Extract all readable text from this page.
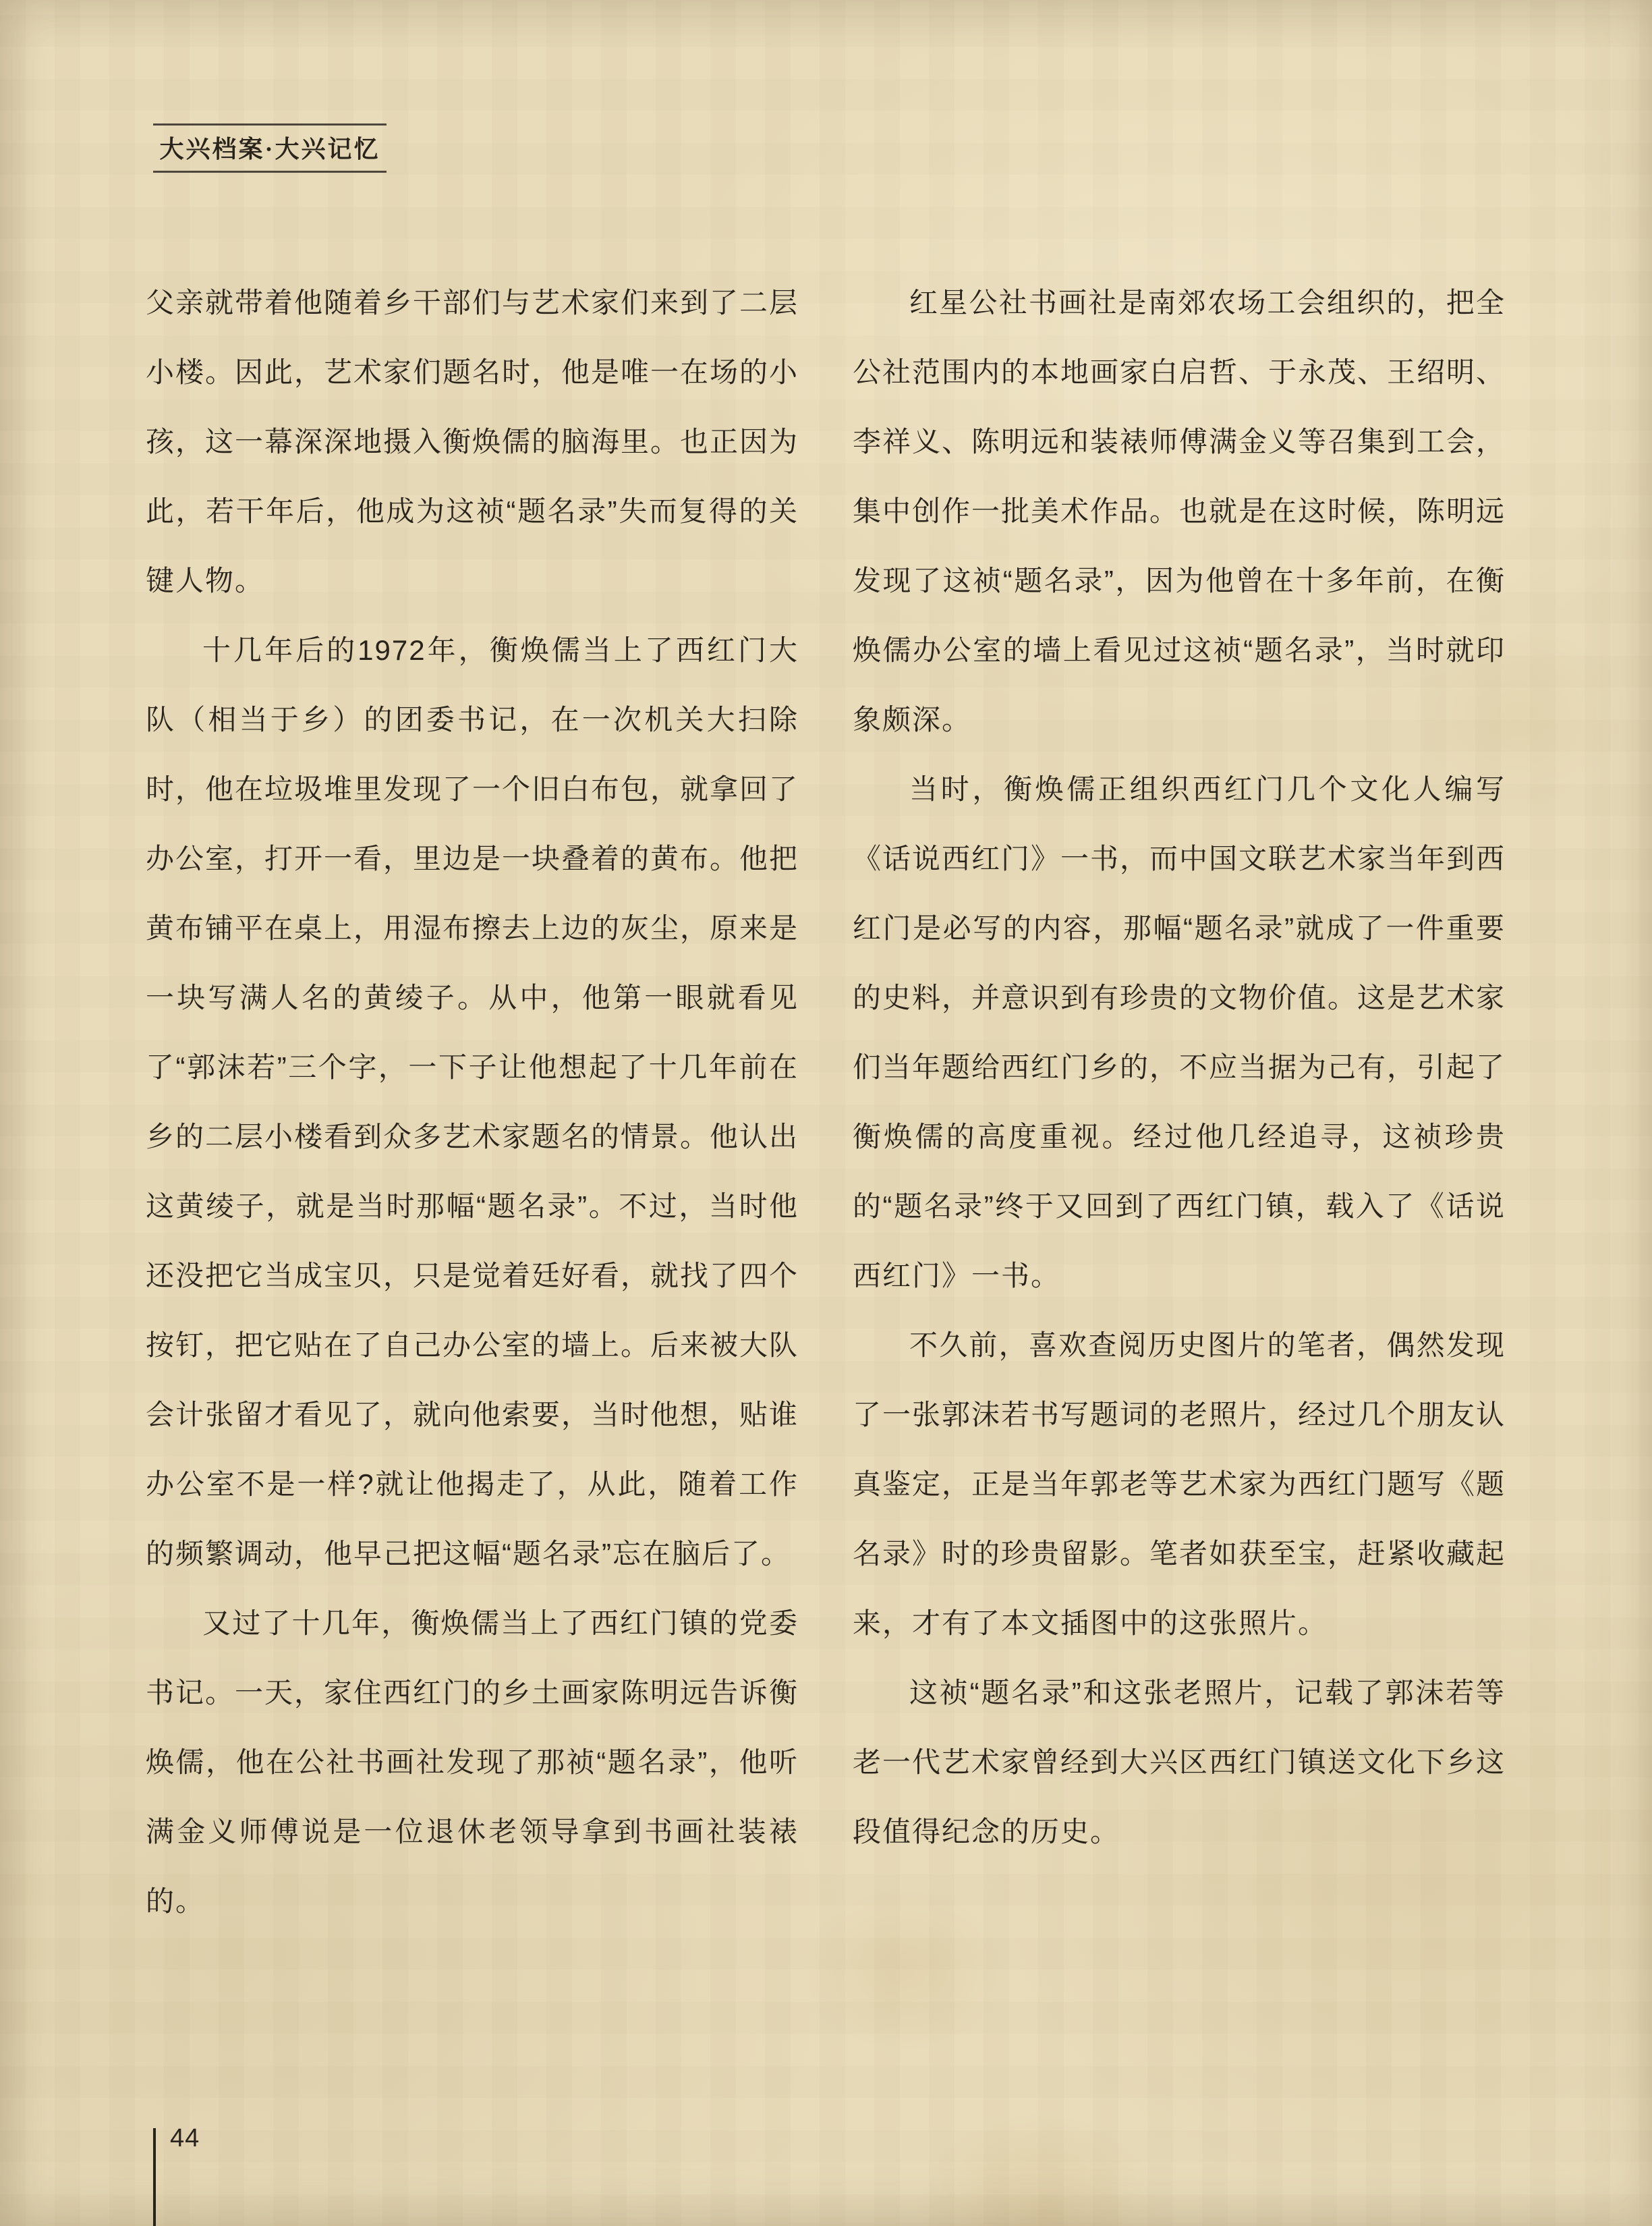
大兴档案·大兴记忆

父亲就带着他随着乡干部们与艺术家们来到了二层小楼。因此，艺术家们题名时，他是唯一在场的小孩，这一幕深深地摄入衡焕儒的脑海里。也正因为此，若干年后，他成为这祯“题名录”失而复得的关键人物。

十几年后的1972年，衡焕儒当上了西红门大队（相当于乡）的团委书记，在一次机关大扫除时，他在垃圾堆里发现了一个旧白布包，就拿回了办公室，打开一看，里边是一块叠着的黄布。他把黄布铺平在桌上，用湿布擦去上边的灰尘，原来是一块写满人名的黄绫子。从中，他第一眼就看见了“郭沫若”三个字，一下子让他想起了十几年前在乡的二层小楼看到众多艺术家题名的情景。他认出这黄绫子，就是当时那幅“题名录”。不过，当时他还没把它当成宝贝，只是觉着廷好看，就找了四个按钉，把它贴在了自己办公室的墙上。后来被大队会计张留才看见了，就向他索要，当时他想，贴谁办公室不是一样?就让他揭走了，从此，随着工作的频繁调动，他早己把这幅“题名录”忘在脑后了。

又过了十几年，衡焕儒当上了西红门镇的党委书记。一天，家住西红门的乡土画家陈明远告诉衡焕儒，他在公社书画社发现了那祯“题名录”，他听满金义师傅说是一位退休老领导拿到书画社装裱的。

红星公社书画社是南郊农场工会组织的，把全公社范围内的本地画家白启哲、于永茂、王绍明、李祥义、陈明远和装裱师傅满金义等召集到工会，集中创作一批美术作品。也就是在这时候，陈明远发现了这祯“题名录”，因为他曾在十多年前，在衡焕儒办公室的墙上看见过这祯“题名录”，当时就印象颇深。

当时，衡焕儒正组织西红门几个文化人编写《话说西红门》一书，而中国文联艺术家当年到西红门是必写的内容，那幅“题名录”就成了一件重要的史料，并意识到有珍贵的文物价值。这是艺术家们当年题给西红门乡的，不应当据为己有，引起了衡焕儒的高度重视。经过他几经追寻，这祯珍贵的“题名录”终于又回到了西红门镇，载入了《话说西红门》一书。

不久前，喜欢查阅历史图片的笔者，偶然发现了一张郭沫若书写题词的老照片，经过几个朋友认真鉴定，正是当年郭老等艺术家为西红门题写《题名录》时的珍贵留影。笔者如获至宝，赶紧收藏起来，才有了本文插图中的这张照片。

这祯“题名录”和这张老照片，记载了郭沫若等老一代艺术家曾经到大兴区西红门镇送文化下乡这段值得纪念的历史。

44
